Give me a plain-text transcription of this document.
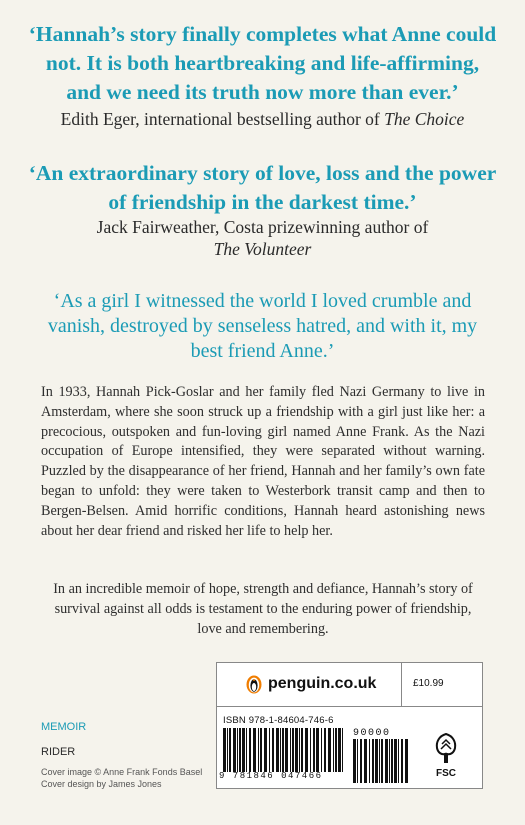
‘Hannah’s story finally completes what Anne could
not. It is both heartbreaking and life-affirming,
and we need its truth now more than ever.’
Edith Eger, international bestselling author of The Choice
‘An extraordinary story of love, loss and the power
of friendship in the darkest time.’
Jack Fairweather, Costa prizewinning author of
The Volunteer
‘As a girl I witnessed the world I loved crumble and
vanish, destroyed by senseless hatred, and with it, my
best friend Anne.’

In 1933, Hannah Pick-Goslar and her family fled Nazi Germany to live in Amsterdam, where she soon struck up a friendship with a girl just like her: a precocious, outspoken and fun-loving girl named Anne Frank. As the Nazi occupation of Europe intensified, they were separated without warning. Puzzled by the disappearance of her friend, Hannah and her family’s own fate began to unfold: they were taken to Westerbork transit camp and then to Bergen-Belsen. Amid horrific conditions, Hannah heard astonishing news about her dear friend and risked her life to help her.

In an incredible memoir of hope, strength and defiance, Hannah’s story of survival against all odds is testament to the enduring power of friendship, love and remembering.

MEMOIR
RIDER
Cover image © Anne Frank Fonds Basel
Cover design by James Jones
penguin.co.uk	£10.99
ISBN 978-1-84604-746-6
9 781846 047466
90000
FSC
